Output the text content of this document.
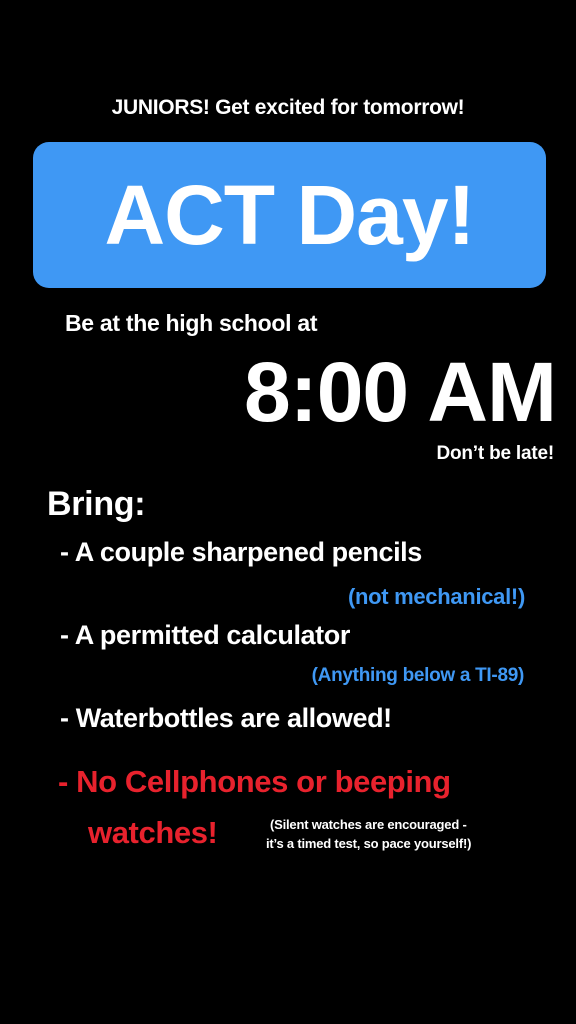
JUNIORS! Get excited for tomorrow!
ACT Day!
Be at the high school at
8:00 AM
Don’t be late!
Bring:
- A couple sharpened pencils
(not mechanical!)
- A permitted calculator
(Anything below a TI-89)
- Waterbottles are allowed!
- No Cellphones or beeping
watches!	(Silent watches are encouraged -
it’s a timed test, so pace yourself!)
